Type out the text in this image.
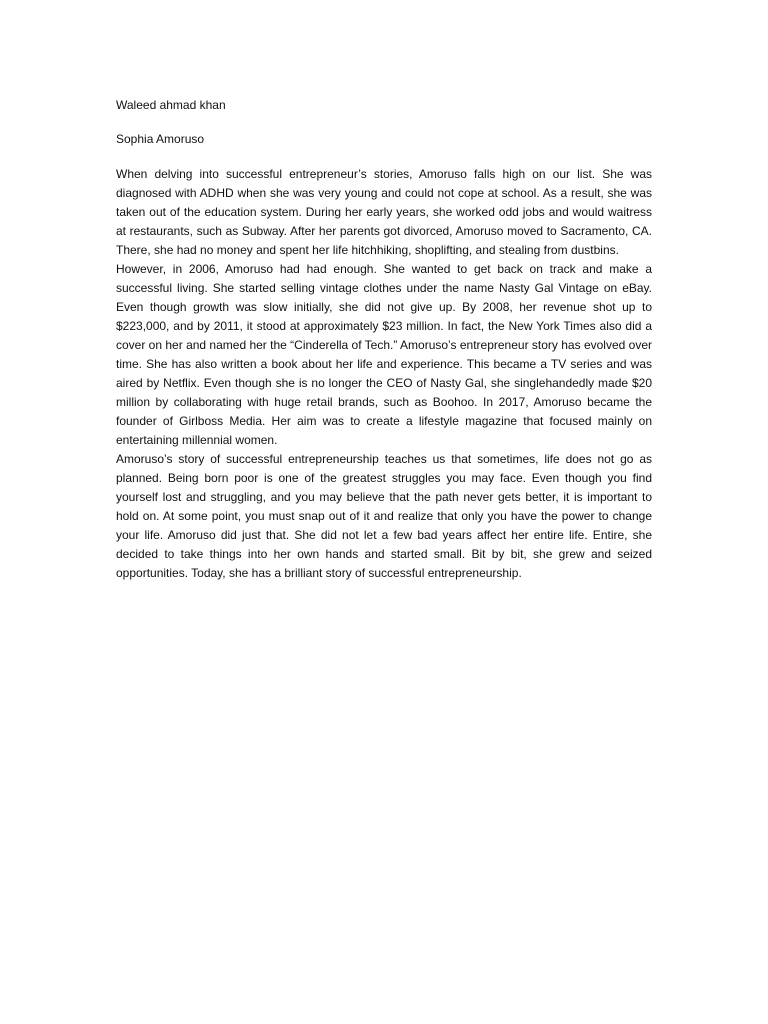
Waleed ahmad khan

Sophia Amoruso

When delving into successful entrepreneur’s stories, Amoruso falls high on our list. She was diagnosed with ADHD when she was very young and could not cope at school. As a result, she was taken out of the education system. During her early years, she worked odd jobs and would waitress at restaurants, such as Subway. After her parents got divorced, Amoruso moved to Sacramento, CA. There, she had no money and spent her life hitchhiking, shoplifting, and stealing from dustbins.

However, in 2006, Amoruso had had enough. She wanted to get back on track and make a successful living. She started selling vintage clothes under the name Nasty Gal Vintage on eBay. Even though growth was slow initially, she did not give up. By 2008, her revenue shot up to $223,000, and by 2011, it stood at approximately $23 million. In fact, the New York Times also did a cover on her and named her the “Cinderella of Tech.” Amoruso’s entrepreneur story has evolved over time. She has also written a book about her life and experience. This became a TV series and was aired by Netflix. Even though she is no longer the CEO of Nasty Gal, she singlehandedly made $20 million by collaborating with huge retail brands, such as Boohoo. In 2017, Amoruso became the founder of Girlboss Media. Her aim was to create a lifestyle magazine that focused mainly on entertaining millennial women.

Amoruso’s story of successful entrepreneurship teaches us that sometimes, life does not go as planned. Being born poor is one of the greatest struggles you may face. Even though you find yourself lost and struggling, and you may believe that the path never gets better, it is important to hold on. At some point, you must snap out of it and realize that only you have the power to change your life. Amoruso did just that. She did not let a few bad years affect her entire life. Entire, she decided to take things into her own hands and started small. Bit by bit, she grew and seized opportunities. Today, she has a brilliant story of successful entrepreneurship.
